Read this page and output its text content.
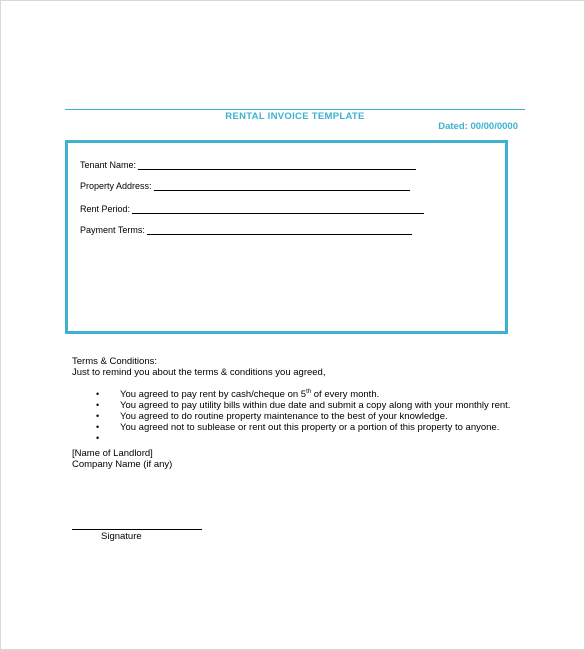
RENTAL INVOICE TEMPLATE
Dated: 00/00/0000
Tenant Name:
Property Address:
Rent Period:
Payment Terms:
Terms & Conditions:
Just to remind you about the terms & conditions you agreed,
• You agreed to pay rent by cash/cheque on 5th of every month.
• You agreed to pay utility bills within due date and submit a copy along with your monthly rent.
• You agreed to do routine property maintenance to the best of your knowledge.
• You agreed not to sublease or rent out this property or a portion of this property to anyone.
•
[Name of Landlord]
Company Name (if any)
Signature
